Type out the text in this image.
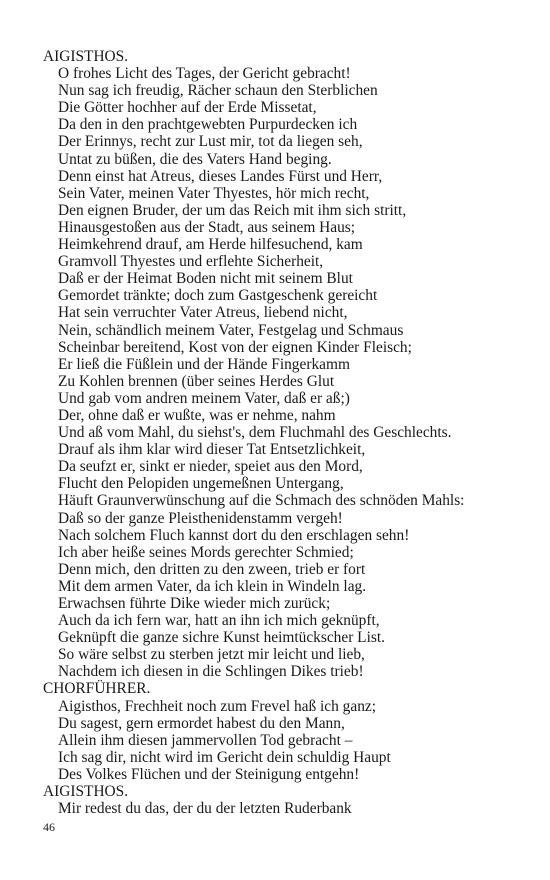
AIGISTHOS.
O frohes Licht des Tages, der Gericht gebracht!
Nun sag ich freudig, Rächer schaun den Sterblichen
Die Götter hochher auf der Erde Missetat,
Da den in den prachtgewebten Purpurdecken ich
Der Erinnys, recht zur Lust mir, tot da liegen seh,
Untat zu büßen, die des Vaters Hand beging.
Denn einst hat Atreus, dieses Landes Fürst und Herr,
Sein Vater, meinen Vater Thyestes, hör mich recht,
Den eignen Bruder, der um das Reich mit ihm sich stritt,
Hinausgestoßen aus der Stadt, aus seinem Haus;
Heimkehrend drauf, am Herde hilfesuchend, kam
Gramvoll Thyestes und erflehte Sicherheit,
Daß er der Heimat Boden nicht mit seinem Blut
Gemordet tränkte; doch zum Gastgeschenk gereicht
Hat sein verruchter Vater Atreus, liebend nicht,
Nein, schändlich meinem Vater, Festgelag und Schmaus
Scheinbar bereitend, Kost von der eignen Kinder Fleisch;
Er ließ die Füßlein und der Hände Fingerkamm
Zu Kohlen brennen (über seines Herdes Glut
Und gab vom andren meinem Vater, daß er aß;)
Der, ohne daß er wußte, was er nehme, nahm
Und aß vom Mahl, du siehst's, dem Fluchmahl des Geschlechts.
Drauf als ihm klar wird dieser Tat Entsetzlichkeit,
Da seufzt er, sinkt er nieder, speiet aus den Mord,
Flucht den Pelopiden ungemeßnen Untergang,
Häuft Graunverwünschung auf die Schmach des schnöden Mahls:
Daß so der ganze Pleisthenidenstamm vergeh!
Nach solchem Fluch kannst dort du den erschlagen sehn!
Ich aber heiße seines Mords gerechter Schmied;
Denn mich, den dritten zu den zween, trieb er fort
Mit dem armen Vater, da ich klein in Windeln lag.
Erwachsen führte Dike wieder mich zurück;
Auch da ich fern war, hatt an ihn ich mich geknüpft,
Geknüpft die ganze sichre Kunst heimtückscher List.
So wäre selbst zu sterben jetzt mir leicht und lieb,
Nachdem ich diesen in die Schlingen Dikes trieb!
CHORFÜHRER.
Aigisthos, Frechheit noch zum Frevel haß ich ganz;
Du sagest, gern ermordet habest du den Mann,
Allein ihm diesen jammervollen Tod gebracht –
Ich sag dir, nicht wird im Gericht dein schuldig Haupt
Des Volkes Flüchen und der Steinigung entgehn!
AIGISTHOS.
Mir redest du das, der du der letzten Ruderbank
46
